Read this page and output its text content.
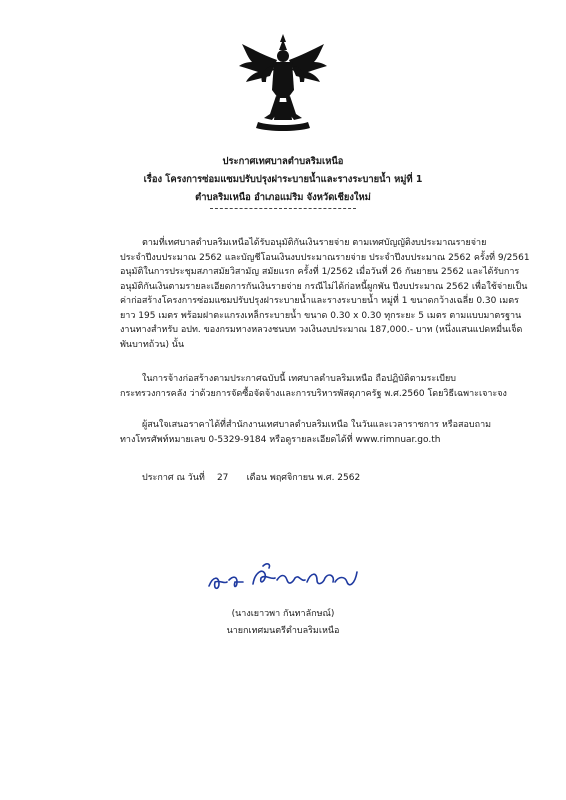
ประกาศเทศบาลตำบลริมเหนือ
เรื่อง โครงการซ่อมแซมปรับปรุงฝาระบายน้ำและรางระบายน้ำ หมู่ที่ 1
ตำบลริมเหนือ อำเภอแม่ริม จังหวัดเชียงใหม่
ตามที่เทศบาลตำบลริมเหนือได้รับอนุมัติกันเงินรายจ่าย ตามเทศบัญญัติงบประมาณรายจ่าย
ประจำปีงบประมาณ 2562 และบัญชีโอนเงินงบประมาณรายจ่าย ประจำปีงบประมาณ 2562 ครั้งที่ 9/2561
อนุมัติในการประชุมสภาสมัยวิสามัญ สมัยแรก ครั้งที่ 1/2562 เมื่อวันที่ 26 กันยายน 2562 และได้รับการ
อนุมัติกันเงินตามรายละเอียดการกันเงินรายจ่าย กรณีไม่ได้ก่อหนี้ผูกพัน ปีงบประมาณ 2562 เพื่อใช้จ่ายเป็น
ค่าก่อสร้างโครงการซ่อมแซมปรับปรุงฝาระบายน้ำและรางระบายน้ำ หมู่ที่ 1 ขนาดกว้างเฉลี่ย 0.30 เมตร
ยาว 195 เมตร พร้อมฝาตะแกรงเหล็กระบายน้ำ ขนาด 0.30 x 0.30 ทุกระยะ 5 เมตร ตามแบบมาตรฐาน
งานทางสำหรับ อปท. ของกรมทางหลวงชนบท วงเงินงบประมาณ 187,000.- บาท (หนึ่งแสนแปดหมื่นเจ็ด
พันบาทถ้วน) นั้น
ในการจ้างก่อสร้างตามประกาศฉบับนี้ เทศบาลตำบลริมเหนือ ถือปฏิบัติตามระเบียบ
กระทรวงการคลัง ว่าด้วยการจัดซื้อจัดจ้างและการบริหารพัสดุภาครัฐ พ.ศ.2560 โดยวิธีเฉพาะเจาะจง
ผู้สนใจเสนอราคาได้ที่สำนักงานเทศบาลตำบลริมเหนือ ในวันและเวลาราชการ หรือสอบถาม
ทางโทรศัพท์หมายเลข 0-5329-9184 หรือดูรายละเอียดได้ที่ www.rimnuar.go.th
ประกาศ ณ วันที่ 27 เดือน พฤศจิกายน พ.ศ. 2562
(นางเยาวพา กันทาลักษณ์)
นายกเทศมนตรีตำบลริมเหนือ
